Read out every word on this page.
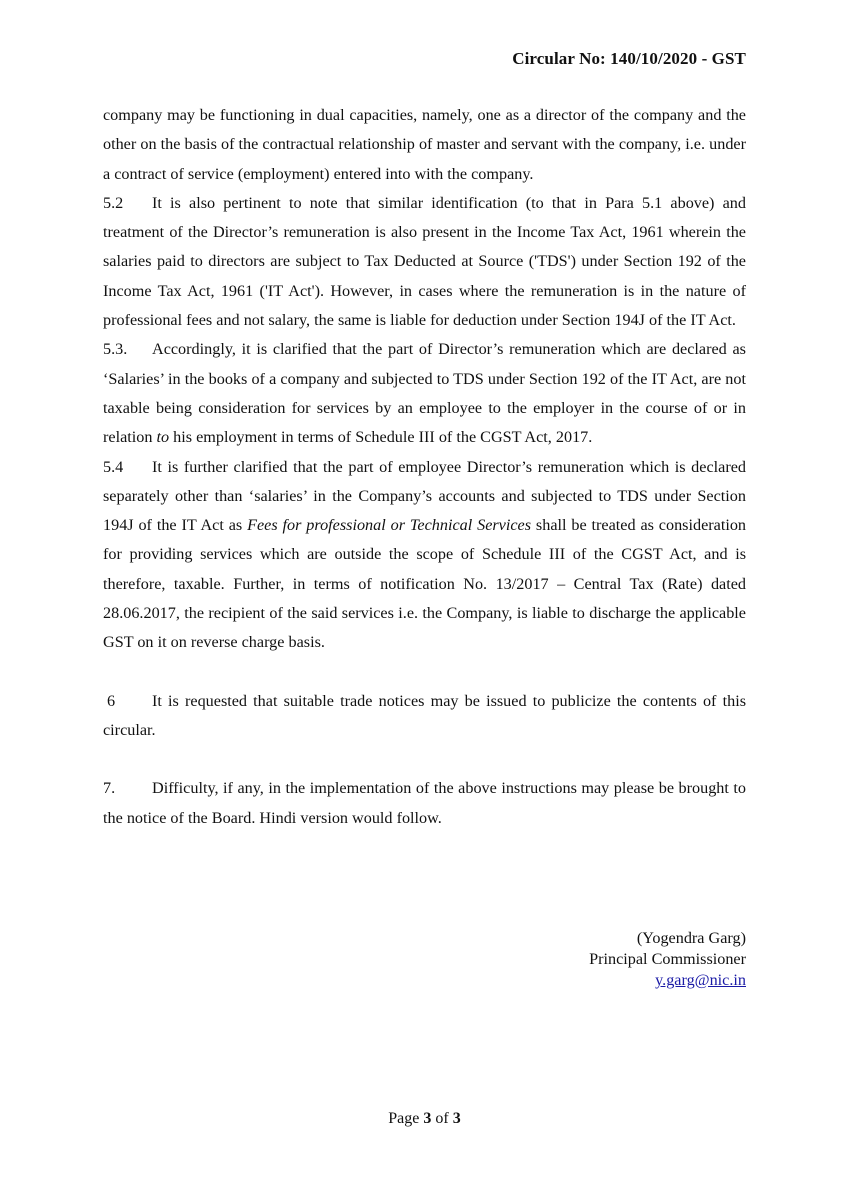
Circular No: 140/10/2020 - GST

company may be functioning in dual capacities, namely, one as a director of the company and the other on the basis of the contractual relationship of master and servant with the company, i.e. under a contract of service (employment) entered into with the company.

5.2 It is also pertinent to note that similar identification (to that in Para 5.1 above) and treatment of the Director’s remuneration is also present in the Income Tax Act, 1961 wherein the salaries paid to directors are subject to Tax Deducted at Source ('TDS') under Section 192 of the Income Tax Act, 1961 ('IT Act'). However, in cases where the remuneration is in the nature of professional fees and not salary, the same is liable for deduction under Section 194J of the IT Act.

5.3. Accordingly, it is clarified that the part of Director’s remuneration which are declared as ‘Salaries’ in the books of a company and subjected to TDS under Section 192 of the IT Act, are not taxable being consideration for services by an employee to the employer in the course of or in relation to his employment in terms of Schedule III of the CGST Act, 2017.

5.4 It is further clarified that the part of employee Director’s remuneration which is declared separately other than ‘salaries’ in the Company’s accounts and subjected to TDS under Section 194J of the IT Act as Fees for professional or Technical Services shall be treated as consideration for providing services which are outside the scope of Schedule III of the CGST Act, and is therefore, taxable. Further, in terms of notification No. 13/2017 – Central Tax (Rate) dated 28.06.2017, the recipient of the said services i.e. the Company, is liable to discharge the applicable GST on it on reverse charge basis.

6 It is requested that suitable trade notices may be issued to publicize the contents of this circular.

7. Difficulty, if any, in the implementation of the above instructions may please be brought to the notice of the Board. Hindi version would follow.

(Yogendra Garg)
Principal Commissioner
y.garg@nic.in
Page 3 of 3
